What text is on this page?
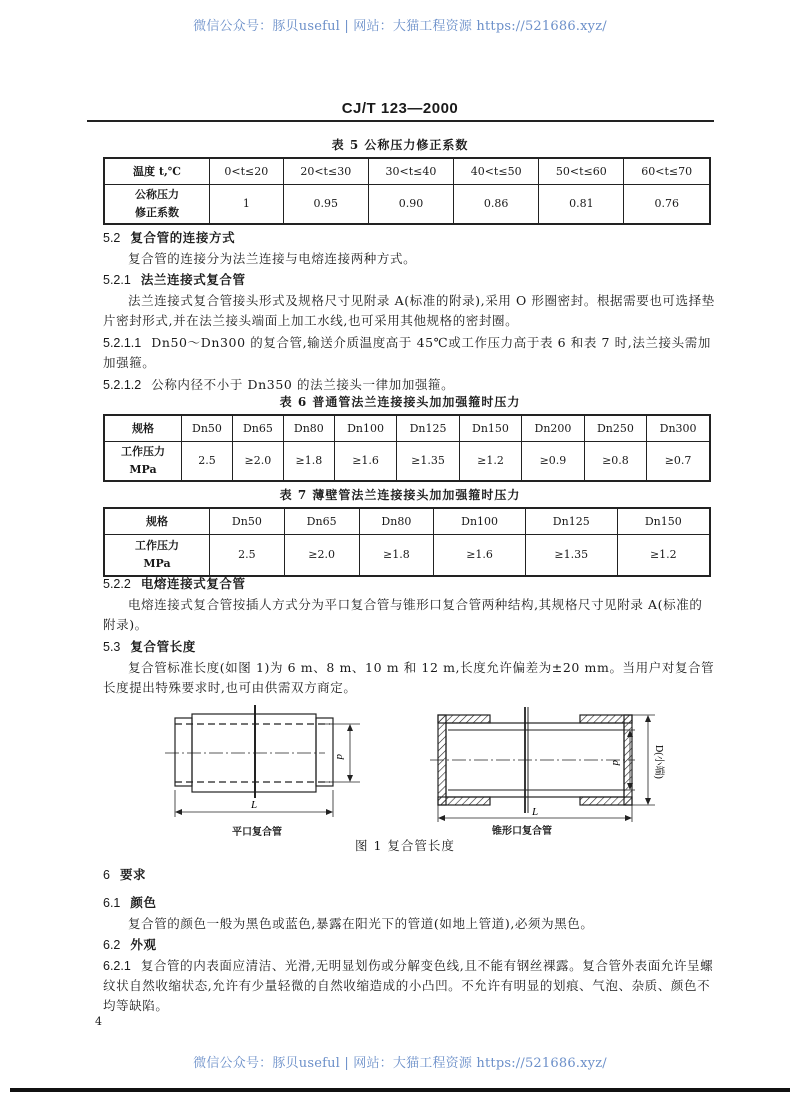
微信公众号：豚贝useful | 网站：大猫工程资源 https://521686.xyz/
CJ/T 123—2000
表 5 公称压力修正系数
温度 t,℃	0<t≤20	20<t≤30	30<t≤40	40<t≤50	50<t≤60	60<t≤70

公称压力
修正系数	1	0.95	0.90	0.86	0.81	0.76
5.2 复合管的连接方式
复合管的连接分为法兰连接与电熔连接两种方式。
5.2.1 法兰连接式复合管
法兰连接式复合管接头形式及规格尺寸见附录 A(标准的附录),采用 O 形圈密封。根据需要也可选择垫片密封形式,并在法兰接头端面上加工水线,也可采用其他规格的密封圈。
5.2.1.1 Dn50～Dn300 的复合管,输送介质温度高于 45℃或工作压力高于表 6 和表 7 时,法兰接头需加加强箍。
5.2.1.2 公称内径不小于 Dn350 的法兰接头一律加加强箍。
表 6 普通管法兰连接接头加加强箍时压力
规格	Dn50	Dn65	Dn80	Dn100	Dn125	Dn150	Dn200	Dn250	Dn300

工作压力
MPa	2.5	≥2.0	≥1.8	≥1.6	≥1.35	≥1.2	≥0.9	≥0.8	≥0.7
表 7 薄壁管法兰连接接头加加强箍时压力
规格	Dn50	Dn65	Dn80	Dn100	Dn125	Dn150

工作压力
MPa	2.5	≥2.0	≥1.8	≥1.6	≥1.35	≥1.2
5.2.2 电熔连接式复合管
电熔连接式复合管按插人方式分为平口复合管与锥形口复合管两种结构,其规格尺寸见附录 A(标准的附录)。
5.3 复合管长度
复合管标准长度(如图 1)为 6 m、8 m、10 m 和 12 m,长度允许偏差为±20 mm。当用户对复合管长度提出特殊要求时,也可由供需双方商定。
d
L
d	D(小端)
L
平口复合管	锥形口复合管
图 1 复合管长度
6 要求
6.1 颜色
复合管的颜色一般为黑色或蓝色,暴露在阳光下的管道(如地上管道),必须为黑色。
6.2 外观
6.2.1 复合管的内表面应清洁、光滑,无明显划伤或分解变色线,且不能有钢丝裸露。复合管外表面允许呈螺纹状自然收缩状态,允许有少量轻微的自然收缩造成的小凸凹。不允许有明显的划痕、气泡、杂质、颜色不均等缺陷。
4
微信公众号：豚贝useful | 网站：大猫工程资源 https://521686.xyz/
